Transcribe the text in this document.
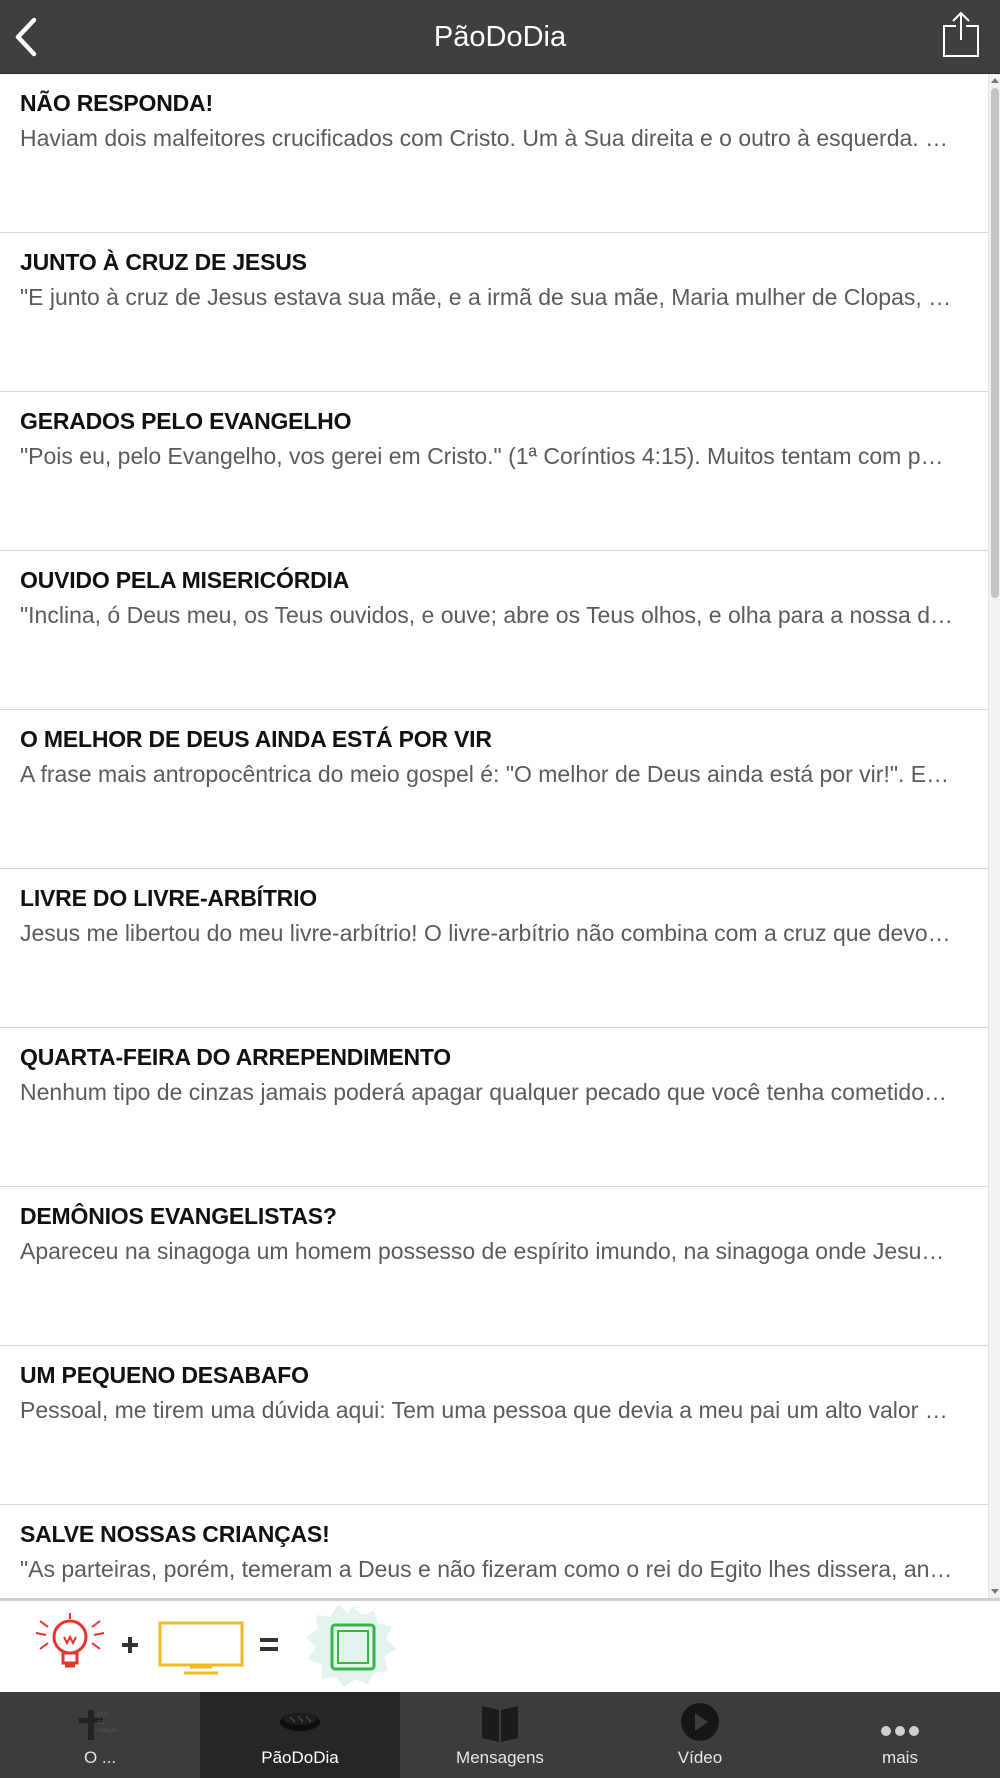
PãoDoDia
NÃO RESPONDA!
Haviam dois malfeitores crucificados com Cristo. Um à Sua direita e o outro à esquerda. …
JUNTO À CRUZ DE JESUS
"E junto à cruz de Jesus estava sua mãe, e a irmã de sua mãe, Maria mulher de Clopas, …
GERADOS PELO EVANGELHO
"Pois eu, pelo Evangelho, vos gerei em Cristo." (1ª Coríntios 4:15). Muitos tentam com p…
OUVIDO PELA MISERICÓRDIA
"Inclina, ó Deus meu, os Teus ouvidos, e ouve; abre os Teus olhos, e olha para a nossa d…
O MELHOR DE DEUS AINDA ESTÁ POR VIR
A frase mais antropocêntrica do meio gospel é: "O melhor de Deus ainda está por vir!". E…
LIVRE DO LIVRE-ARBÍTRIO
Jesus me libertou do meu livre-arbítrio! O livre-arbítrio não combina com a cruz que devo…
QUARTA-FEIRA DO ARREPENDIMENTO
Nenhum tipo de cinzas jamais poderá apagar qualquer pecado que você tenha cometido…
DEMÔNIOS EVANGELISTAS?
Apareceu na sinagoga um homem possesso de espírito imundo, na sinagoga onde Jesu…
UM PEQUENO DESABAFO
Pessoal, me tirem uma dúvida aqui: Tem uma pessoa que devia a meu pai um alto valor …
SALVE NOSSAS CRIANÇAS!
"As parteiras, porém, temeram a Deus e não fizeram como o rei do Egito lhes dissera, an…
cruz
da
rejeição
O ...	PãoDoDia	Mensagens	Vídeo	mais
